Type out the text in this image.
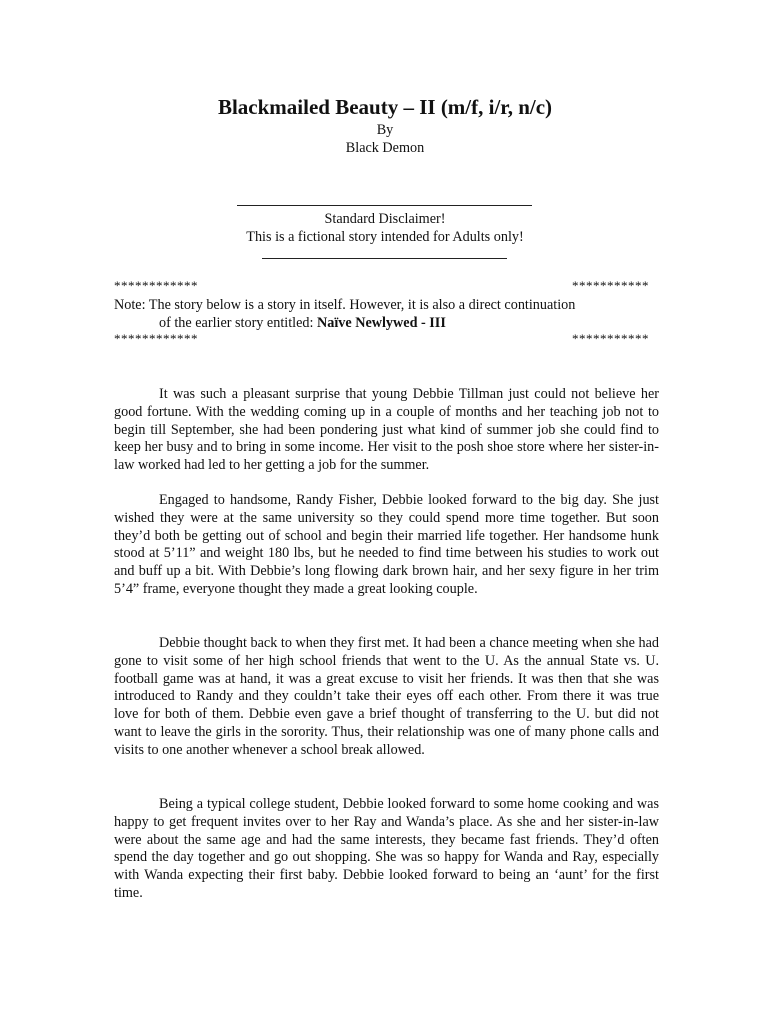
Blackmailed Beauty – II (m/f, i/r, n/c)
By
Black Demon
Standard Disclaimer!
This is a fictional story intended for Adults only!
************	***********
Note: The story below is a story in itself. However, it is also a direct continuation
of the earlier story entitled: Naïve Newlywed - III
************	***********

It was such a pleasant surprise that young Debbie Tillman just could not believe her good fortune. With the wedding coming up in a couple of months and her teaching job not to begin till September, she had been pondering just what kind of summer job she could find to keep her busy and to bring in some income. Her visit to the posh shoe store where her sister-in-law worked had led to her getting a job for the summer.

Engaged to handsome, Randy Fisher, Debbie looked forward to the big day. She just wished they were at the same university so they could spend more time together. But soon they’d both be getting out of school and begin their married life together. Her handsome hunk stood at 5’11” and weight 180 lbs, but he needed to find time between his studies to work out and buff up a bit. With Debbie’s long flowing dark brown hair, and her sexy figure in her trim 5’4” frame, everyone thought they made a great looking couple.

Debbie thought back to when they first met. It had been a chance meeting when she had gone to visit some of her high school friends that went to the U. As the annual State vs. U. football game was at hand, it was a great excuse to visit her friends. It was then that she was introduced to Randy and they couldn’t take their eyes off each other. From there it was true love for both of them. Debbie even gave a brief thought of transferring to the U. but did not want to leave the girls in the sorority. Thus, their relationship was one of many phone calls and visits to one another whenever a school break allowed.

Being a typical college student, Debbie looked forward to some home cooking and was happy to get frequent invites over to her Ray and Wanda’s place. As she and her sister-in-law were about the same age and had the same interests, they became fast friends. They’d often spend the day together and go out shopping. She was so happy for Wanda and Ray, especially with Wanda expecting their first baby. Debbie looked forward to being an ‘aunt’ for the first time.
